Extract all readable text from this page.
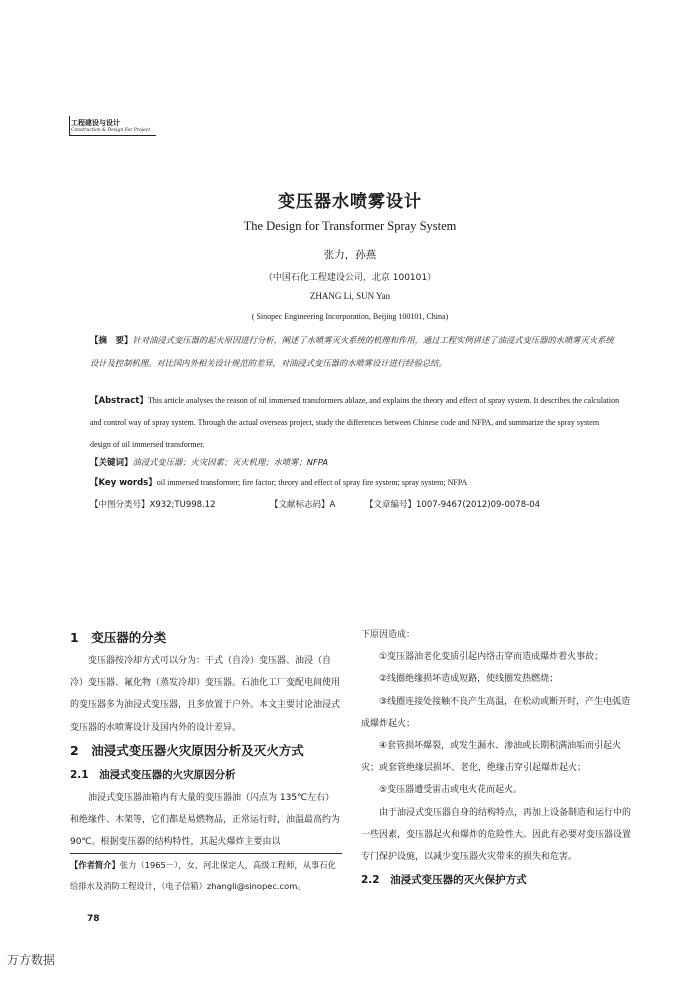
工程建设与设计
Construction & Design For Project
变压器水喷雾设计
The Design for Transformer Spray System
张力，孙燕
（中国石化工程建设公司，北京 100101）
ZHANG Li, SUN Yan
( Sinopec Engineering Incorporation, Beijing 100101, China)
【摘　要】针对油浸式变压器的起火原因进行分析，阐述了水喷雾灭火系统的机理和作用，通过工程实例讲述了油浸式变压器的水喷雾灭火系统设计及控制机理。对比国内外相关设计规范的差异，对油浸式变压器的水喷雾设计进行经验总结。
【Abstract】This article analyses the reason of oil immersed transformers ablaze, and explains the theory and effect of spray system. It describes the calculation and control way of spray system. Through the actual overseas project, study the differences between Chinese code and NFPA, and summarize the spray system design of oil immersed transformer.
【关键词】油浸式变压器；火灾因素；灭火机理；水喷雾；NFPA
【Key words】oil immersed transformer; fire factor; theory and effect of spray fire system; spray system; NFPA
【中图分类号】X932;TU998.12	【文献标志码】A	【文章编号】1007-9467(2012)09-0078-04

1　变压器的分类

变压器按冷却方式可以分为：干式（自冷）变压器、油浸（自冷）变压器、氟化物（蒸发冷却）变压器。石油化工厂变配电间使用的变压器多为油浸式变压器，且多放置于户外。本文主要讨论油浸式变压器的水喷雾设计及国内外的设计差异。

2　油浸式变压器火灾原因分析及灭火方式

2.1　油浸式变压器的火灾原因分析

油浸式变压器油箱内有大量的变压器油（闪点为 135℃左右）和绝缘件、木架等，它们都是易燃物品，正常运行时，油温最高约为 90℃。根据变压器的结构特性，其起火爆炸主要由以

【作者简介】张力（1965－），女，河北保定人，高级工程师，从事石化给排水及消防工程设计，（电子信箱）zhangli@sinopec.com。

下原因造成：

①变压器油老化变质引起内络击穿而造成爆炸着火事故；

②线圈绝缘损坏造成短路，使线圈发热燃烧；

③线圈连接处接触不良产生高温，在松动或断开时，产生电弧造成爆炸起火；

④套管损坏爆裂，或发生漏水、渗油或长期积满油垢而引起火灾；或套管绝缘层损坏、老化，绝缘击穿引起爆炸起火；

⑤变压器遭受雷击或电火花而起火。

由于油浸式变压器自身的结构特点，再加上设备制造和运行中的一些因素，变压器起火和爆炸的危险性大。因此有必要对变压器设置专门保护设施，以减少变压器火灾带来的损失和危害。

2.2　油浸式变压器的灭火保护方式

78
万方数据
